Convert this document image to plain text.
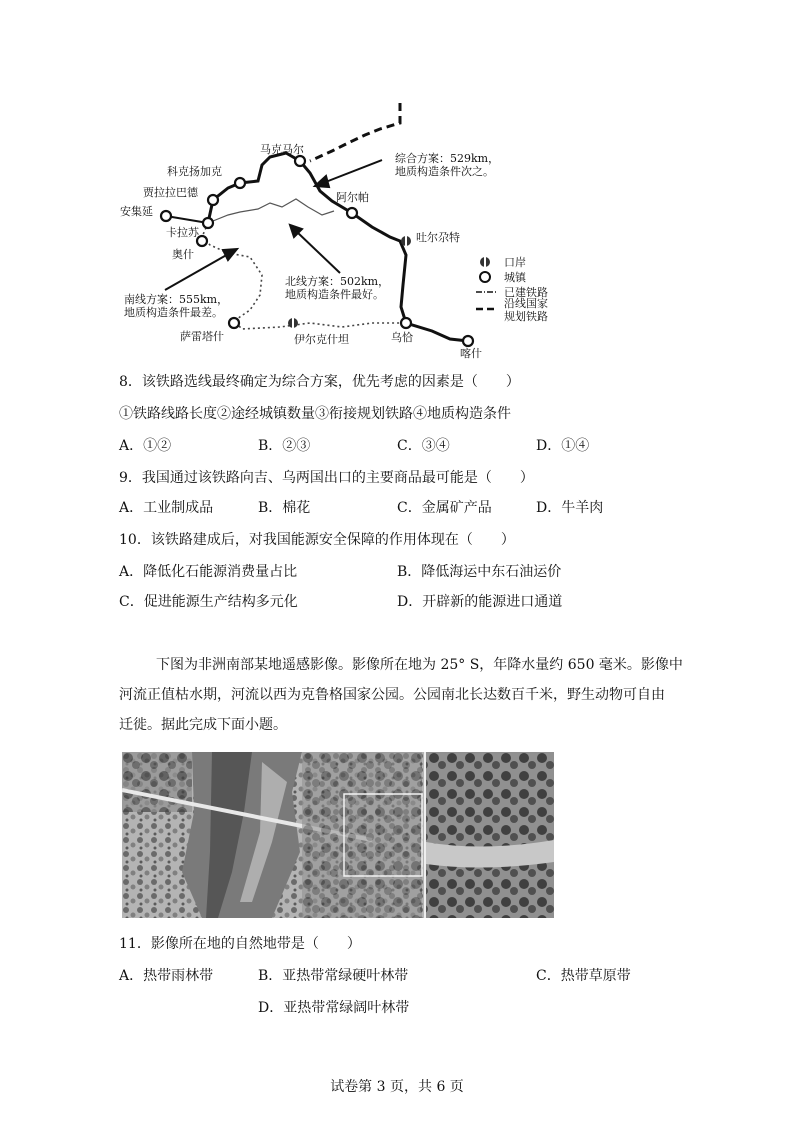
马克马尔
科克扬加克
贾拉拉巴德
安集延
卡拉苏
奥什
阿尔帕
吐尔尕特
萨雷塔什	伊尔克什坦	乌恰
喀什
综合方案：529km，
地质构造条件次之。
北线方案：502km，
地质构造条件最好。
南线方案：555km，
地质构造条件最差。
口岸
城镇
已建铁路
沿线国家
规划铁路
8．该铁路选线最终确定为综合方案，优先考虑的因素是（　　）
①铁路线路长度②途经城镇数量③衔接规划铁路④地质构造条件
A．①②	B．②③	C．③④	D．①④
9．我国通过该铁路向吉、乌两国出口的主要商品最可能是（　　）
A．工业制成品	B．棉花	C．金属矿产品	D．牛羊肉
10．该铁路建成后，对我国能源安全保障的作用体现在（　　）
A．降低化石能源消费量占比	B．降低海运中东石油运价
C．促进能源生产结构多元化	D．开辟新的能源进口通道
下图为非洲南部某地遥感影像。影像所在地为 25° S，年降水量约 650 毫米。影像中
河流正值枯水期，河流以西为克鲁格国家公园。公园南北长达数百千米，野生动物可自由
迁徙。据此完成下面小题。
11．影像所在地的自然地带是（　　）
A．热带雨林带	B．亚热带常绿硬叶林带	C．热带草原带
D．亚热带常绿阔叶林带
试卷第 3 页，共 6 页
